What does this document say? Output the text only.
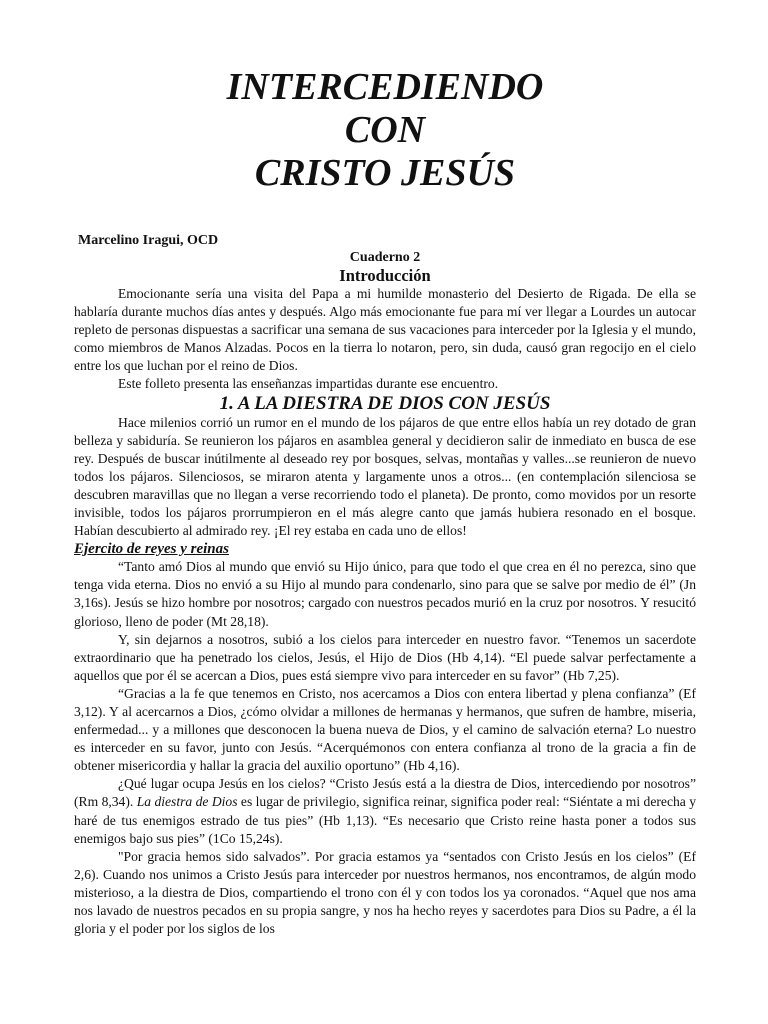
INTERCEDIENDO
CON
CRISTO JESÚS

Marcelino Iragui, OCD

Cuaderno 2

Introducción

Emocionante sería una visita del Papa a mi humilde monasterio del Desierto de Rigada. De ella se hablaría durante muchos días antes y después. Algo más emocionante fue para mí ver llegar a Lourdes un autocar repleto de personas dispuestas a sacrificar una semana de sus vacaciones para interceder por la Iglesia y el mundo, como miembros de Manos Alzadas. Pocos en la tierra lo notaron, pero, sin duda, causó gran regocijo en el cielo entre los que luchan por el reino de Dios.

Este folleto presenta las enseñanzas impartidas durante ese encuentro.

1. A LA DIESTRA DE DIOS CON JESÚS

Hace milenios corrió un rumor en el mundo de los pájaros de que entre ellos había un rey dotado de gran belleza y sabiduría. Se reunieron los pájaros en asamblea general y decidieron salir de inmediato en busca de ese rey. Después de buscar inútilmente al deseado rey por bosques, selvas, montañas y valles...se reunieron de nuevo todos los pájaros. Silenciosos, se miraron atenta y largamente unos a otros... (en contemplación silenciosa se descubren maravillas que no llegan a verse recorriendo todo el planeta). De pronto, como movidos por un resorte invisible, todos los pájaros prorrumpieron en el más alegre canto que jamás hubiera resonado en el bosque. Habían descubierto al admirado rey. ¡El rey estaba en cada uno de ellos!

Ejercito de reyes y reinas

“Tanto amó Dios al mundo que envió su Hijo único, para que todo el que crea en él no perezca, sino que tenga vida eterna. Dios no envió a su Hijo al mundo para condenarlo, sino para que se salve por medio de él” (Jn 3,16s). Jesús se hizo hombre por nosotros; cargado con nuestros pecados murió en la cruz por nosotros. Y resucitó glorioso, lleno de poder (Mt 28,18).

Y, sin dejarnos a nosotros, subió a los cielos para interceder en nuestro favor. “Tenemos un sacerdote extraordinario que ha penetrado los cielos, Jesús, el Hijo de Dios (Hb 4,14). “El puede salvar perfectamente a aquellos que por él se acercan a Dios, pues está siempre vivo para interceder en su favor” (Hb 7,25).

“Gracias a la fe que tenemos en Cristo, nos acercamos a Dios con entera libertad y plena confianza” (Ef 3,12). Y al acercarnos a Dios, ¿cómo olvidar a millones de hermanas y hermanos, que sufren de hambre, miseria, enfermedad... y a millones que desconocen la buena nueva de Dios, y el camino de salvación eterna? Lo nuestro es interceder en su favor, junto con Jesús. “Acerquémonos con entera confianza al trono de la gracia a fin de obtener misericordia y hallar la gracia del auxilio oportuno” (Hb 4,16).

¿Qué lugar ocupa Jesús en los cielos? “Cristo Jesús está a la diestra de Dios, intercediendo por nosotros” (Rm 8,34). La diestra de Dios es lugar de privilegio, significa reinar, significa poder real: “Siéntate a mi derecha y haré de tus enemigos estrado de tus pies” (Hb 1,13). “Es necesario que Cristo reine hasta poner a todos sus enemigos bajo sus pies” (1Co 15,24s).

"Por gracia hemos sido salvados”. Por gracia estamos ya “sentados con Cristo Jesús en los cielos” (Ef 2,6). Cuando nos unimos a Cristo Jesús para interceder por nuestros hermanos, nos encontramos, de algún modo misterioso, a la diestra de Dios, compartiendo el trono con él y con todos los ya coronados. “Aquel que nos ama nos lavado de nuestros pecados en su propia sangre, y nos ha hecho reyes y sacerdotes para Dios su Padre, a él la gloria y el poder por los siglos de los
